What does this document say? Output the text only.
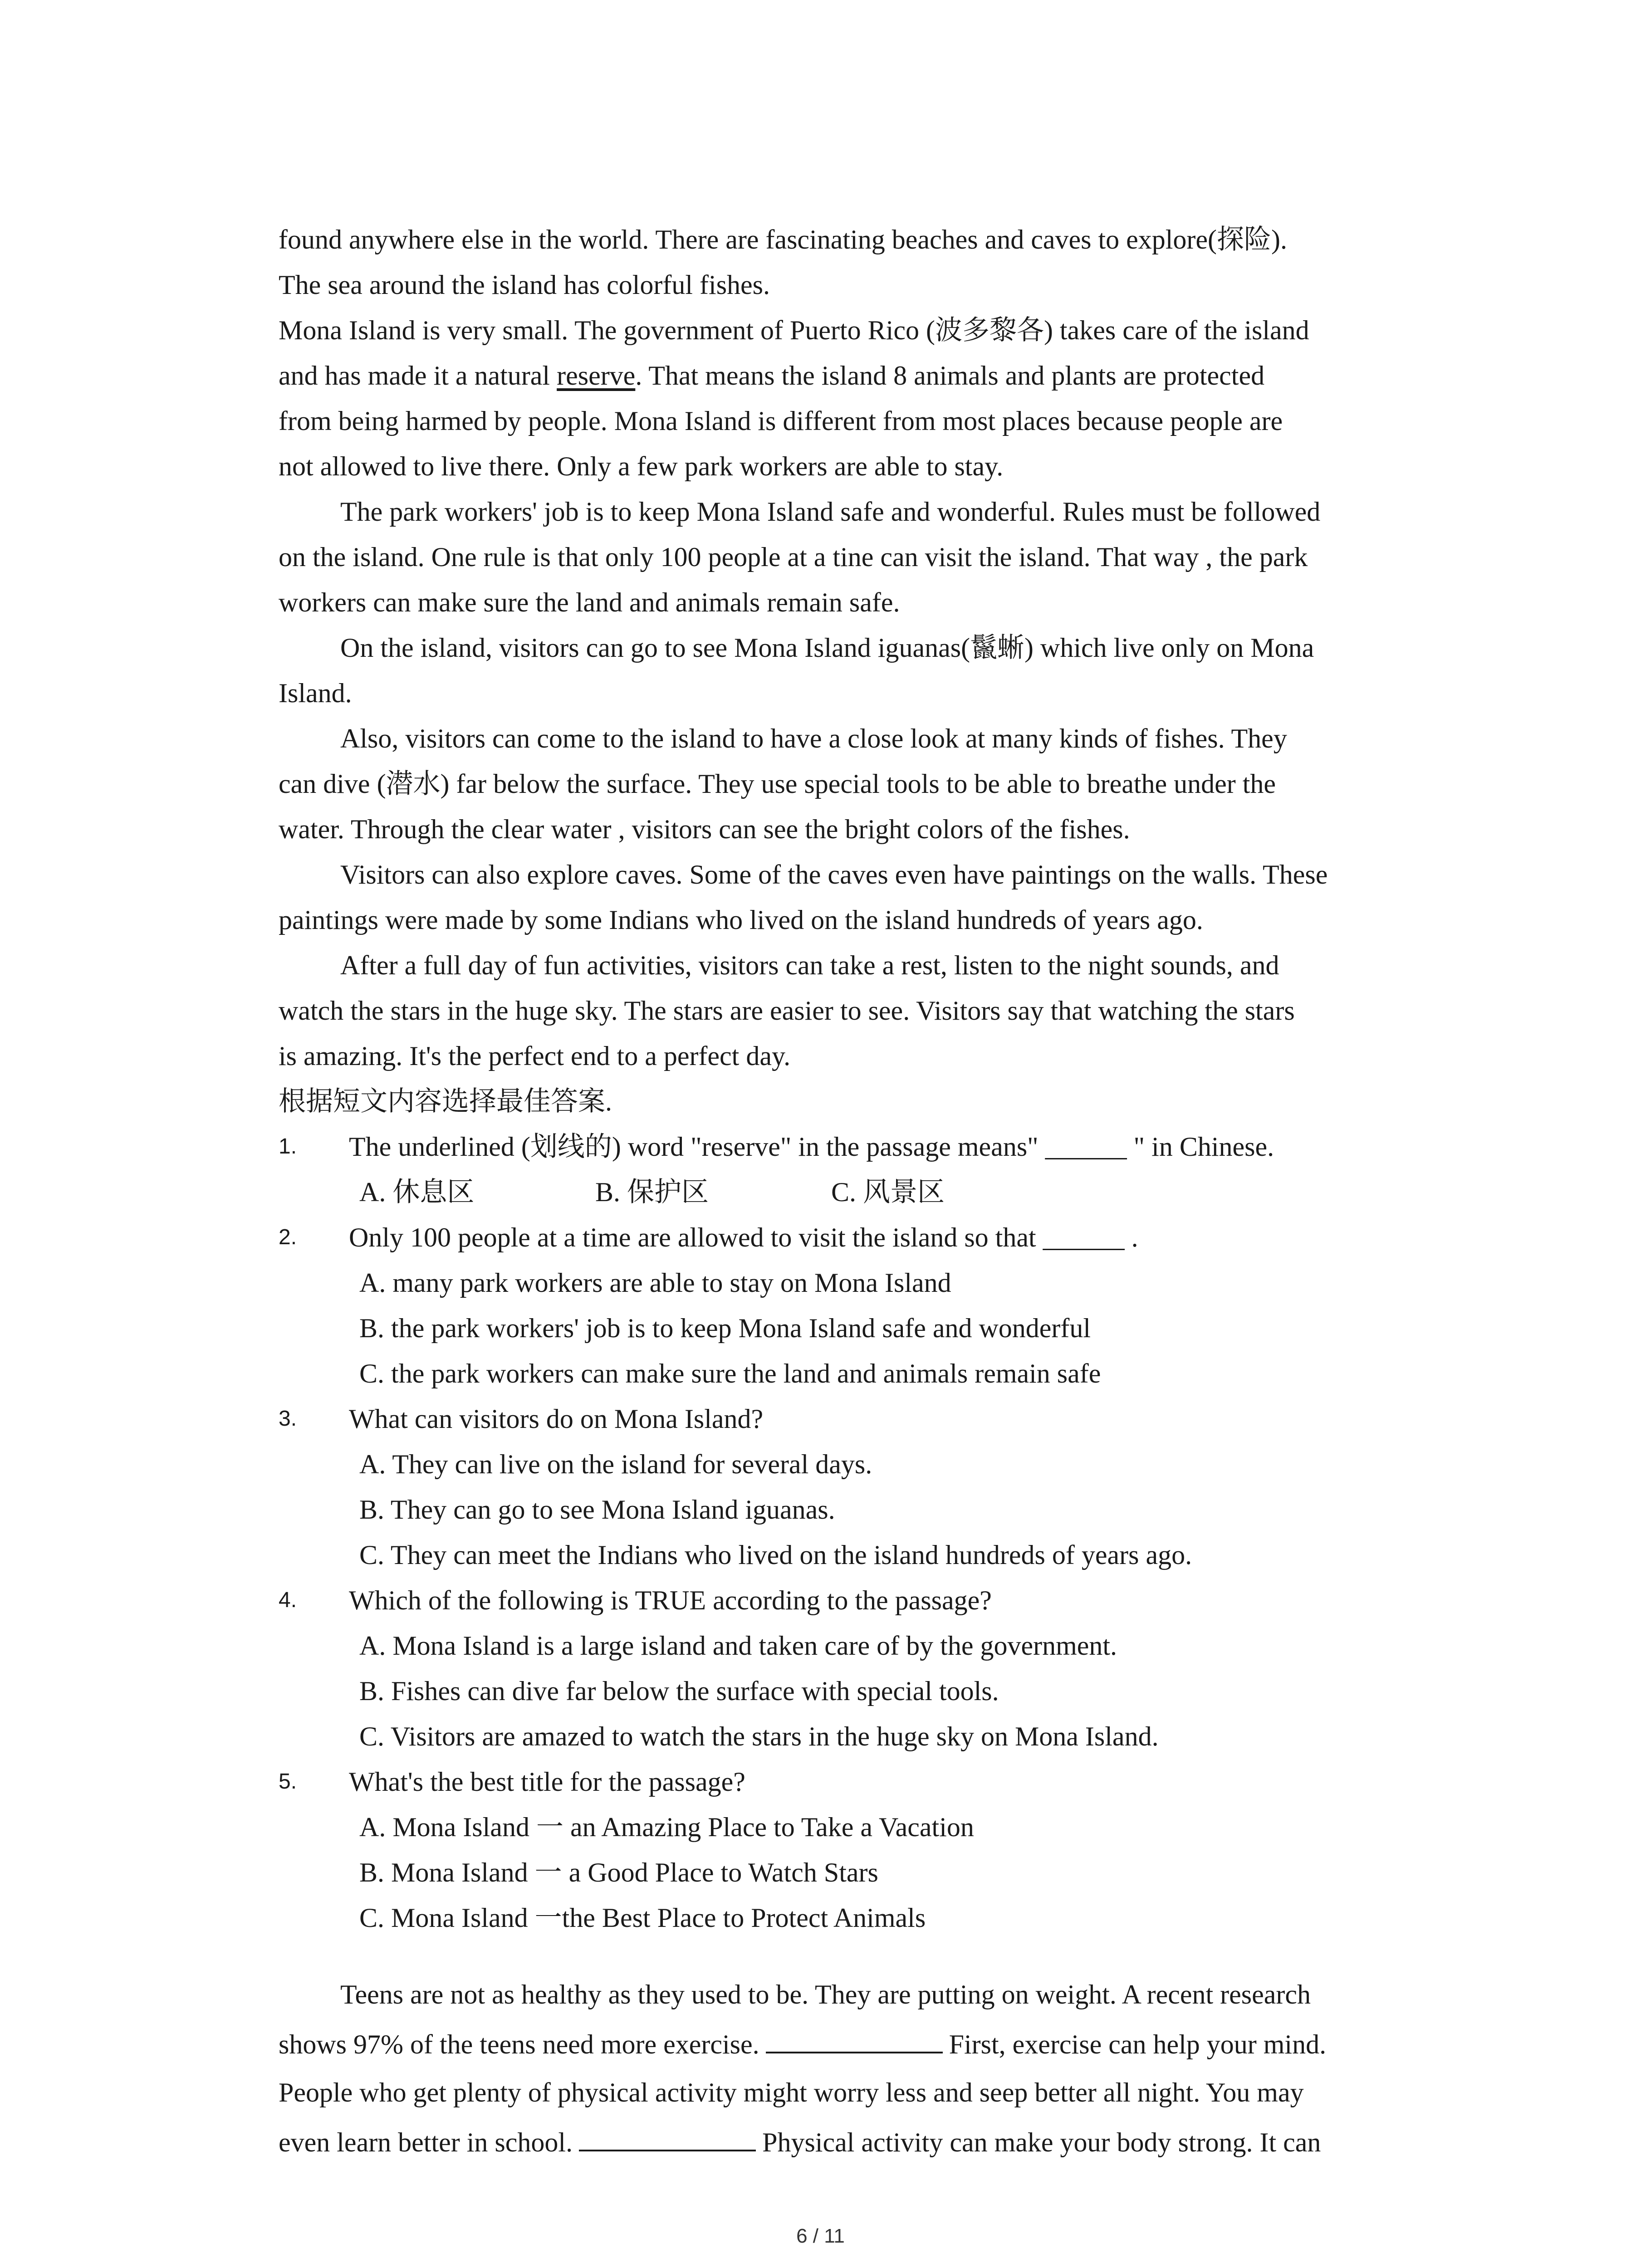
found anywhere else in the world. There are fascinating beaches and caves to explore(探险).
The sea around the island has colorful fishes.
Mona Island is very small. The government of Puerto Rico (波多黎各) takes care of the island
and has made it a natural reserve. That means the island 8 animals and plants are protected
from being harmed by people. Mona Island is different from most places because people are
not allowed to live there. Only a few park workers are able to stay.
The park workers' job is to keep Mona Island safe and wonderful. Rules must be followed
on the island. One rule is that only 100 people at a tine can visit the island. That way , the park
workers can make sure the land and animals remain safe.
On the island, visitors can go to see Mona Island iguanas(鬣蜥) which live only on Mona
Island.
Also, visitors can come to the island to have a close look at many kinds of fishes. They
can dive (潜水) far below the surface. They use special tools to be able to breathe under the
water. Through the clear water , visitors can see the bright colors of the fishes.
Visitors can also explore caves. Some of the caves even have paintings on the walls. These
paintings were made by some Indians who lived on the island hundreds of years ago.
After a full day of fun activities, visitors can take a rest, listen to the night sounds, and
watch the stars in the huge sky. The stars are easier to see. Visitors say that watching the stars
is amazing. It's the perfect end to a perfect day.
根据短文内容选择最佳答案.
1. The underlined (划线的) word "reserve" in the passage means" ______ " in Chinese.
A. 休息区	B. 保护区	C. 风景区
2. Only 100 people at a time are allowed to visit the island so that ______ .
A. many park workers are able to stay on Mona Island
B. the park workers' job is to keep Mona Island safe and wonderful
C. the park workers can make sure the land and animals remain safe
3. What can visitors do on Mona Island?
A. They can live on the island for several days.
B. They can go to see Mona Island iguanas.
C. They can meet the Indians who lived on the island hundreds of years ago.
4. Which of the following is TRUE according to the passage?
A. Mona Island is a large island and taken care of by the government.
B. Fishes can dive far below the surface with special tools.
C. Visitors are amazed to watch the stars in the huge sky on Mona Island.
5. What's the best title for the passage?
A. Mona Island 一 an Amazing Place to Take a Vacation
B. Mona Island 一 a Good Place to Watch Stars
C. Mona Island 一the Best Place to Protect Animals
Teens are not as healthy as they used to be. They are putting on weight. A recent research
shows 97% of the teens need more exercise.	First, exercise can help your mind.
People who get plenty of physical activity might worry less and seep better all night. You may
even learn better in school.	Physical activity can make your body strong. It can
6 / 11
